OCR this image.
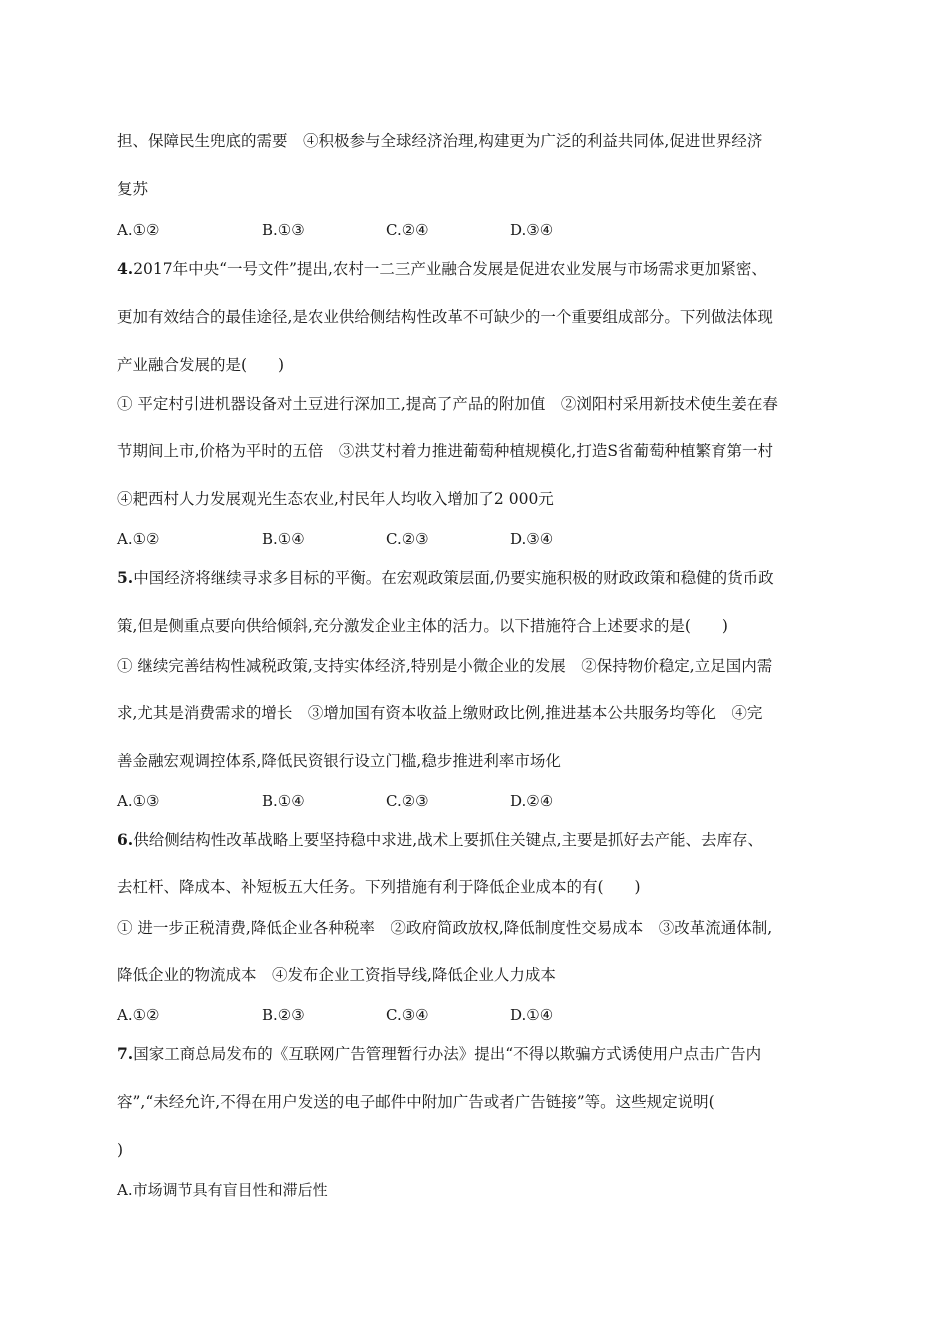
担、保障民生兜底的需要　④积极参与全球经济治理,构建更为广泛的利益共同体,促进世界经济
复苏
A.①②	B.①③	C.②④	D.③④
4.2017年中央“一号文件”提出,农村一二三产业融合发展是促进农业发展与市场需求更加紧密、
更加有效结合的最佳途径,是农业供给侧结构性改革不可缺少的一个重要组成部分。下列做法体现
产业融合发展的是(　　)
① 平定村引进机器设备对土豆进行深加工,提高了产品的附加值　②浏阳村采用新技术使生姜在春
节期间上市,价格为平时的五倍　③洪艾村着力推进葡萄种植规模化,打造S省葡萄种植繁育第一村
④耙西村人力发展观光生态农业,村民年人均收入增加了2 000元
A.①②	B.①④	C.②③	D.③④
5.中国经济将继续寻求多目标的平衡。在宏观政策层面,仍要实施积极的财政政策和稳健的货币政
策,但是侧重点要向供给倾斜,充分激发企业主体的活力。以下措施符合上述要求的是(　　)
① 继续完善结构性减税政策,支持实体经济,特别是小微企业的发展　②保持物价稳定,立足国内需
求,尤其是消费需求的增长　③增加国有资本收益上缴财政比例,推进基本公共服务均等化　④完
善金融宏观调控体系,降低民资银行设立门槛,稳步推进利率市场化
A.①③	B.①④	C.②③	D.②④
6.供给侧结构性改革战略上要坚持稳中求进,战术上要抓住关键点,主要是抓好去产能、去库存、
去杠杆、降成本、补短板五大任务。下列措施有利于降低企业成本的有(　　)
① 进一步正税清费,降低企业各种税率　②政府简政放权,降低制度性交易成本　③改革流通体制,
降低企业的物流成本　④发布企业工资指导线,降低企业人力成本
A.①②	B.②③	C.③④	D.①④
7.国家工商总局发布的《互联网广告管理暂行办法》提出“不得以欺骗方式诱使用户点击广告内
容”,“未经允许,不得在用户发送的电子邮件中附加广告或者广告链接”等。这些规定说明(
)
A.市场调节具有盲目性和滞后性
